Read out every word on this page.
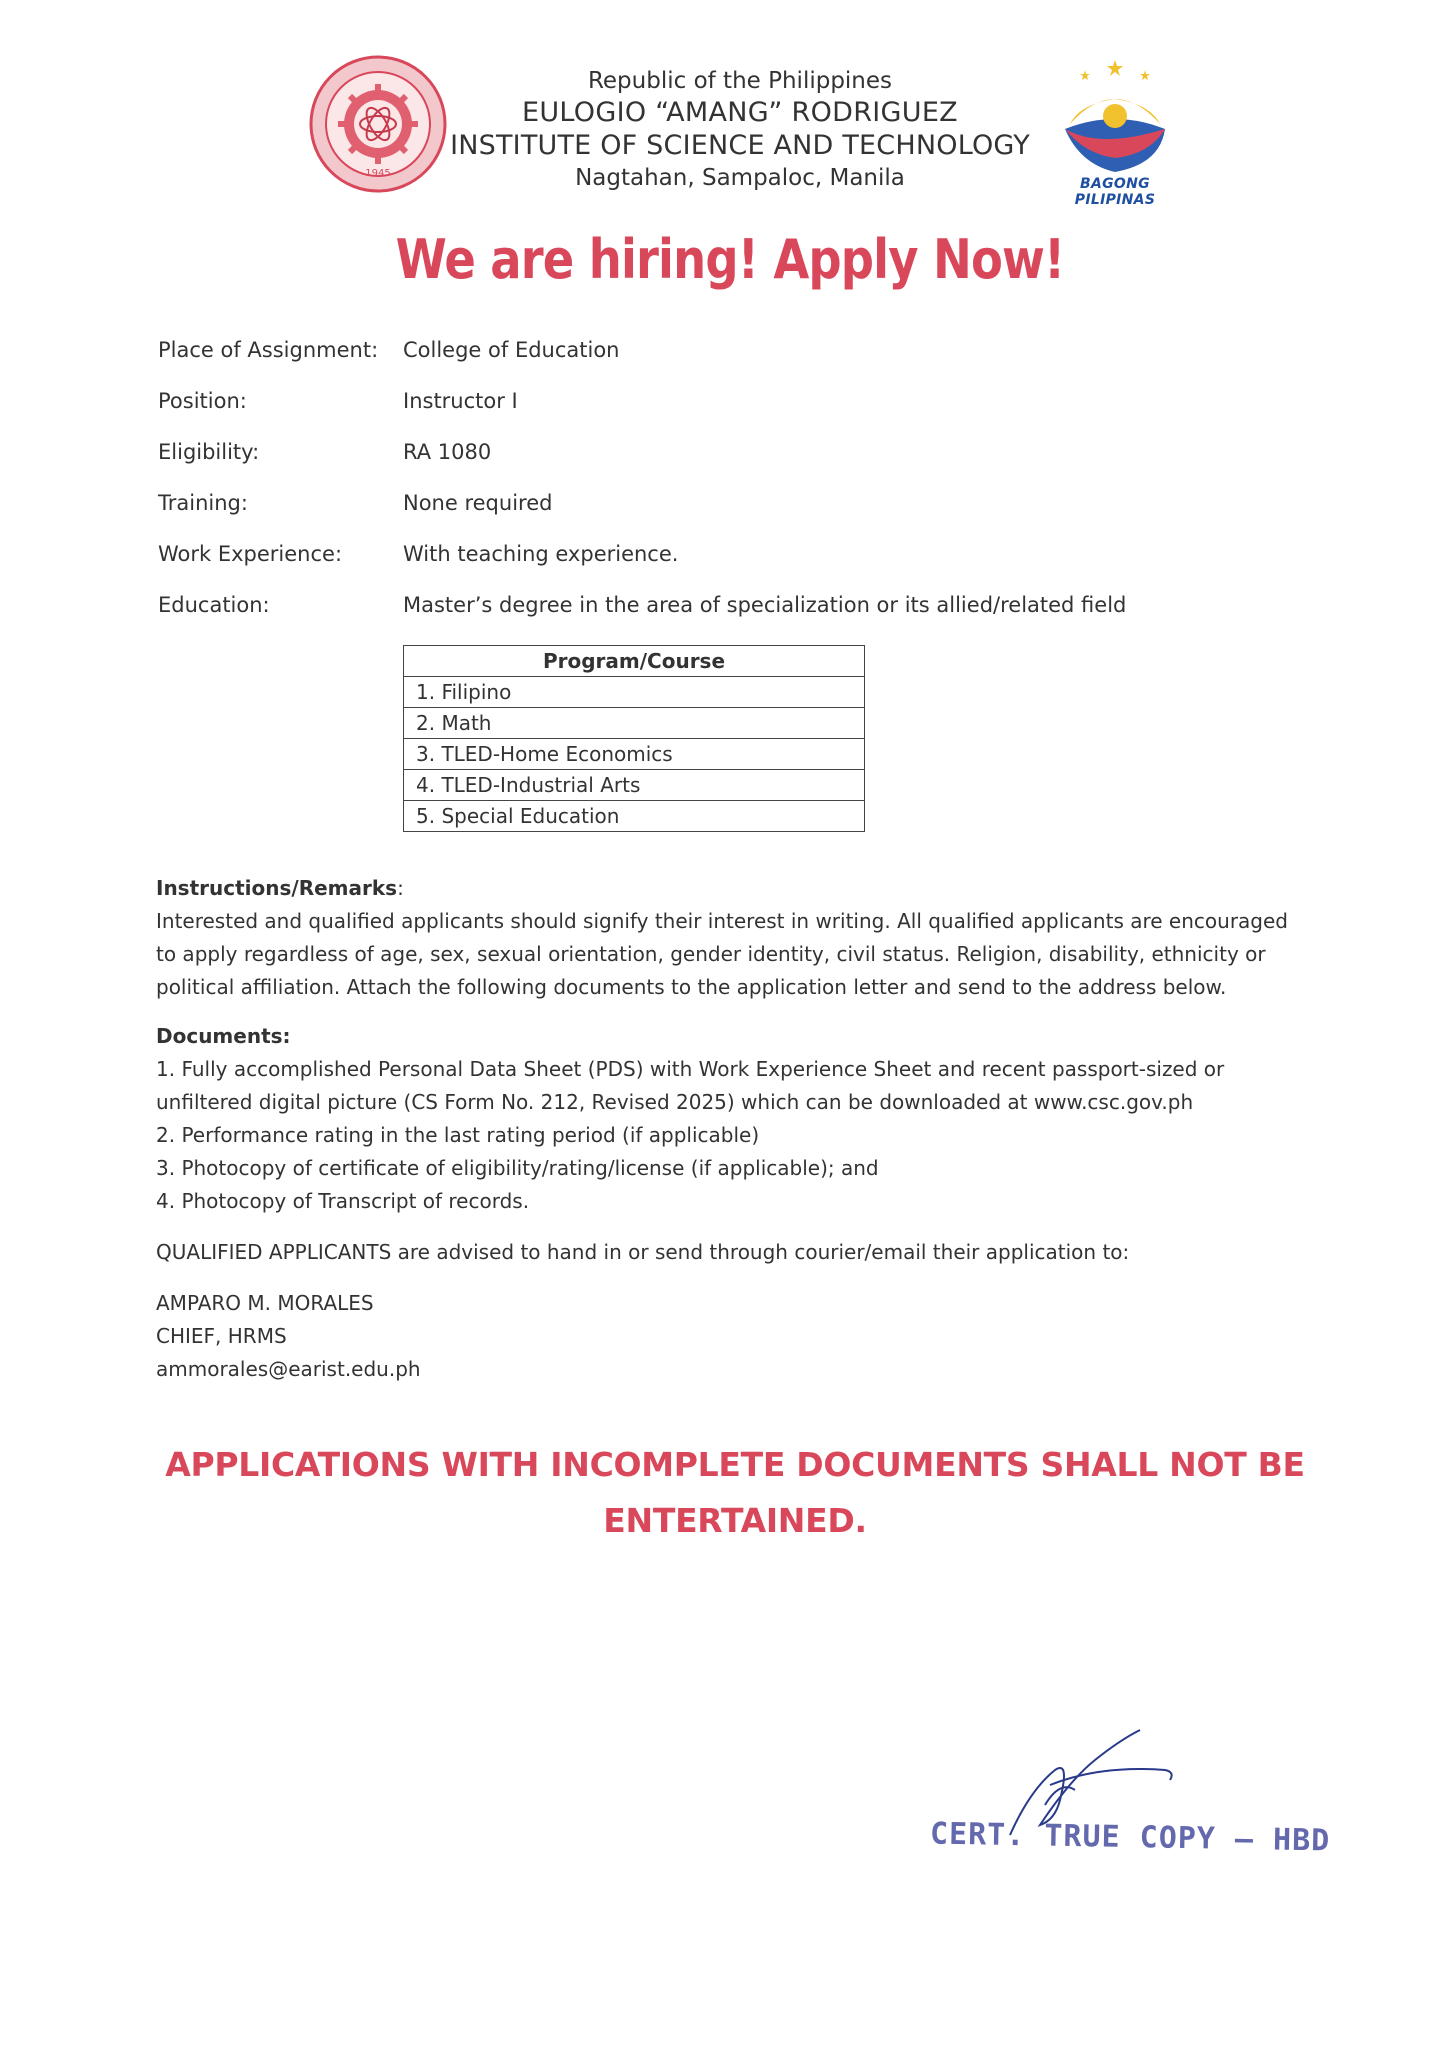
1945
Republic of the Philippines
EULOGIO “AMANG” RODRIGUEZ
INSTITUTE OF SCIENCE AND TECHNOLOGY
Nagtahan, Sampaloc, Manila	BAGONG PILIPINAS
We are hiring! Apply Now!
Place of Assignment:	College of Education
Position:	Instructor I
Eligibility:	RA 1080
Training:	None required
Work Experience:	With teaching experience.
Education:	Master’s degree in the area of specialization or its allied/related field
Program/Course
1. Filipino
2. Math
3. TLED-Home Economics
4. TLED-Industrial Arts
5. Special Education

Instructions/Remarks:

Interested and qualified applicants should signify their interest in writing. All qualified applicants are encouraged

to apply regardless of age, sex, sexual orientation, gender identity, civil status. Religion, disability, ethnicity or

political affiliation. Attach the following documents to the application letter and send to the address below.

Documents:
1. Fully accomplished Personal Data Sheet (PDS) with Work Experience Sheet and recent passport-sized or
unfiltered digital picture (CS Form No. 212, Revised 2025) which can be downloaded at www.csc.gov.ph
2. Performance rating in the last rating period (if applicable)
3. Photocopy of certificate of eligibility/rating/license (if applicable); and
4. Photocopy of Transcript of records.
QUALIFIED APPLICANTS are advised to hand in or send through courier/email their application to:
AMPARO M. MORALES
CHIEF, HRMS
ammorales@earist.edu.ph
APPLICATIONS WITH INCOMPLETE DOCUMENTS SHALL NOT BE
ENTERTAINED.
CERT. TRUE COPY – HBD
